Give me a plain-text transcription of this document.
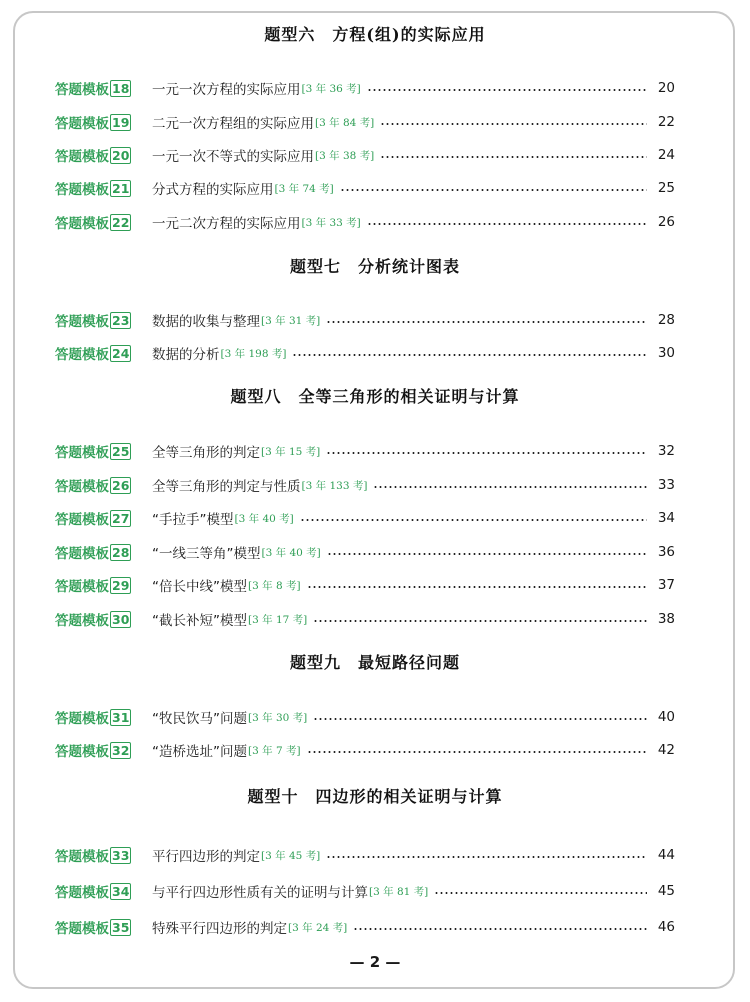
题型六　方程(组)的实际应用
答题模板 18 一元一次方程的实际应用 [3 年 36 考]	20
答题模板 19 二元一次方程组的实际应用 [3 年 84 考]	22
答题模板 20 一元一次不等式的实际应用 [3 年 38 考]	24
答题模板 21 分式方程的实际应用 [3 年 74 考]	25
答题模板 22 一元二次方程的实际应用 [3 年 33 考]	26
题型七　分析统计图表
答题模板 23 数据的收集与整理 [3 年 31 考]	28
答题模板 24 数据的分析 [3 年 198 考]	30
题型八　全等三角形的相关证明与计算
答题模板 25 全等三角形的判定 [3 年 15 考]	32
答题模板 26 全等三角形的判定与性质 [3 年 133 考]	33
答题模板 27 “手拉手”模型 [3 年 40 考]	34
答题模板 28 “一线三等角”模型 [3 年 40 考]	36
答题模板 29 “倍长中线”模型 [3 年 8 考]	37
答题模板 30 “截长补短”模型 [3 年 17 考]	38
题型九　最短路径问题
答题模板 31 “牧民饮马”问题 [3 年 30 考]	40
答题模板 32 “造桥选址”问题 [3 年 7 考]	42
题型十　四边形的相关证明与计算
答题模板 33 平行四边形的判定 [3 年 45 考]	44
答题模板 34 与平行四边形性质有关的证明与计算 [3 年 81 考]	45
答题模板 35 特殊平行四边形的判定 [3 年 24 考]	46
— 2 —
